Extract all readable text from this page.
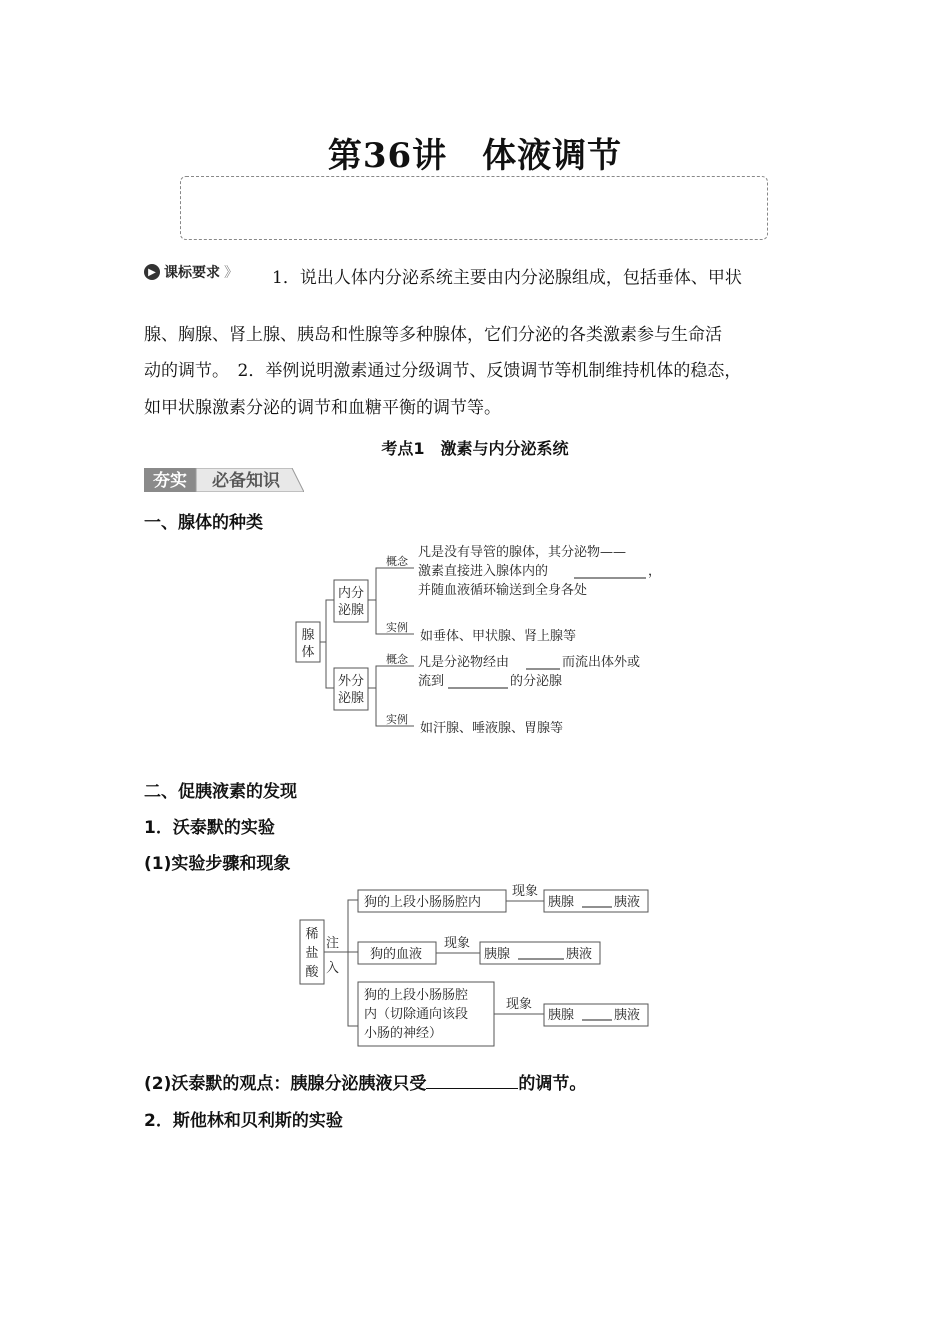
第36讲　体液调节
▶ 课标要求 》 1．说出人体内分泌系统主要由内分泌腺组成，包括垂体、甲状
腺、胸腺、肾上腺、胰岛和性腺等多种腺体，它们分泌的各类激素参与生命活
动的调节。　2．举例说明激素通过分级调节、反馈调节等机制维持机体的稳态，
如甲状腺激素分泌的调节和血糖平衡的调节等。
考点1　激素与内分泌系统
夯实 必备知识
一、腺体的种类
腺
体
内分
泌腺
外分
泌腺
概念
实例
概念
实例
凡是没有导管的腺体，其分泌物——
激素直接进入腺体内的	，
并随血液循环输送到全身各处
如垂体、甲状腺、肾上腺等
凡是分泌物经由	而流出体外或
流到	的分泌腺
如汗腺、唾液腺、胃腺等
二、促胰液素的发现
1．沃泰默的实验
(1)实验步骤和现象
稀
盐
酸
注
入
狗的上段小肠肠腔内
现象
胰腺	胰液
狗的血液
现象
胰腺	胰液
狗的上段小肠肠腔
内（切除通向该段
小肠的神经）
现象
胰腺	胰液
(2)沃泰默的观点：胰腺分泌胰液只受	的调节。
2．斯他林和贝利斯的实验
